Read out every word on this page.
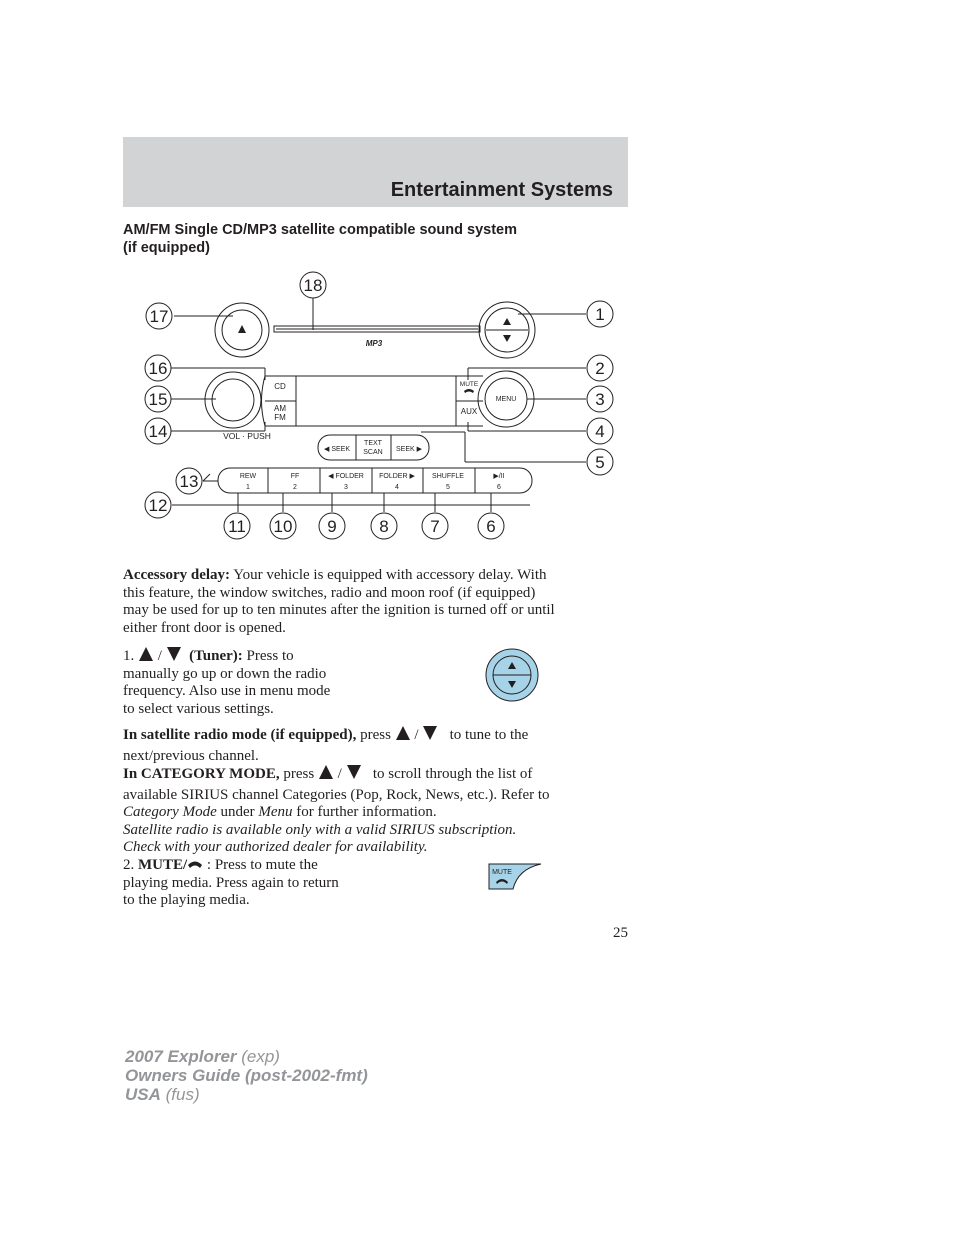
Entertainment Systems
AM/FM Single CD/MP3 satellite compatible sound system
(if equipped)
1
2
3
4
5
6
7
8
9
10
11
12
13
14
15
16
17
18
MP3
CD
AM
FM
VOL · PUSH
MUTE
MENU
AUX
◀ SEEK
TEXT
SCAN SEEK ▶
REW
1
FF
2
◀ FOLDER
3
FOLDER ▶
4
SHUFFLE
5
▶/II
6
Accessory delay: Your vehicle is equipped with accessory delay. With
this feature, the window switches, radio and moon roof (if equipped)
may be used for up to ten minutes after the ignition is turned off or until
either front door is opened.
1. / (Tuner): Press to
manually go up or down the radio
frequency. Also use in menu mode
to select various settings.
In satellite radio mode (if equipped), press / to tune to the
next/previous channel.
In CATEGORY MODE, press / to scroll through the list of
available SIRIUS channel Categories (Pop, Rock, News, etc.). Refer to
Category Mode under Menu for further information.
Satellite radio is available only with a valid SIRIUS subscription.
Check with your authorized dealer for availability.
2. MUTE/ : Press to mute the
playing media. Press again to return
to the playing media.
MUTE
25
2007 Explorer (exp)
Owners Guide (post-2002-fmt)
USA (fus)
